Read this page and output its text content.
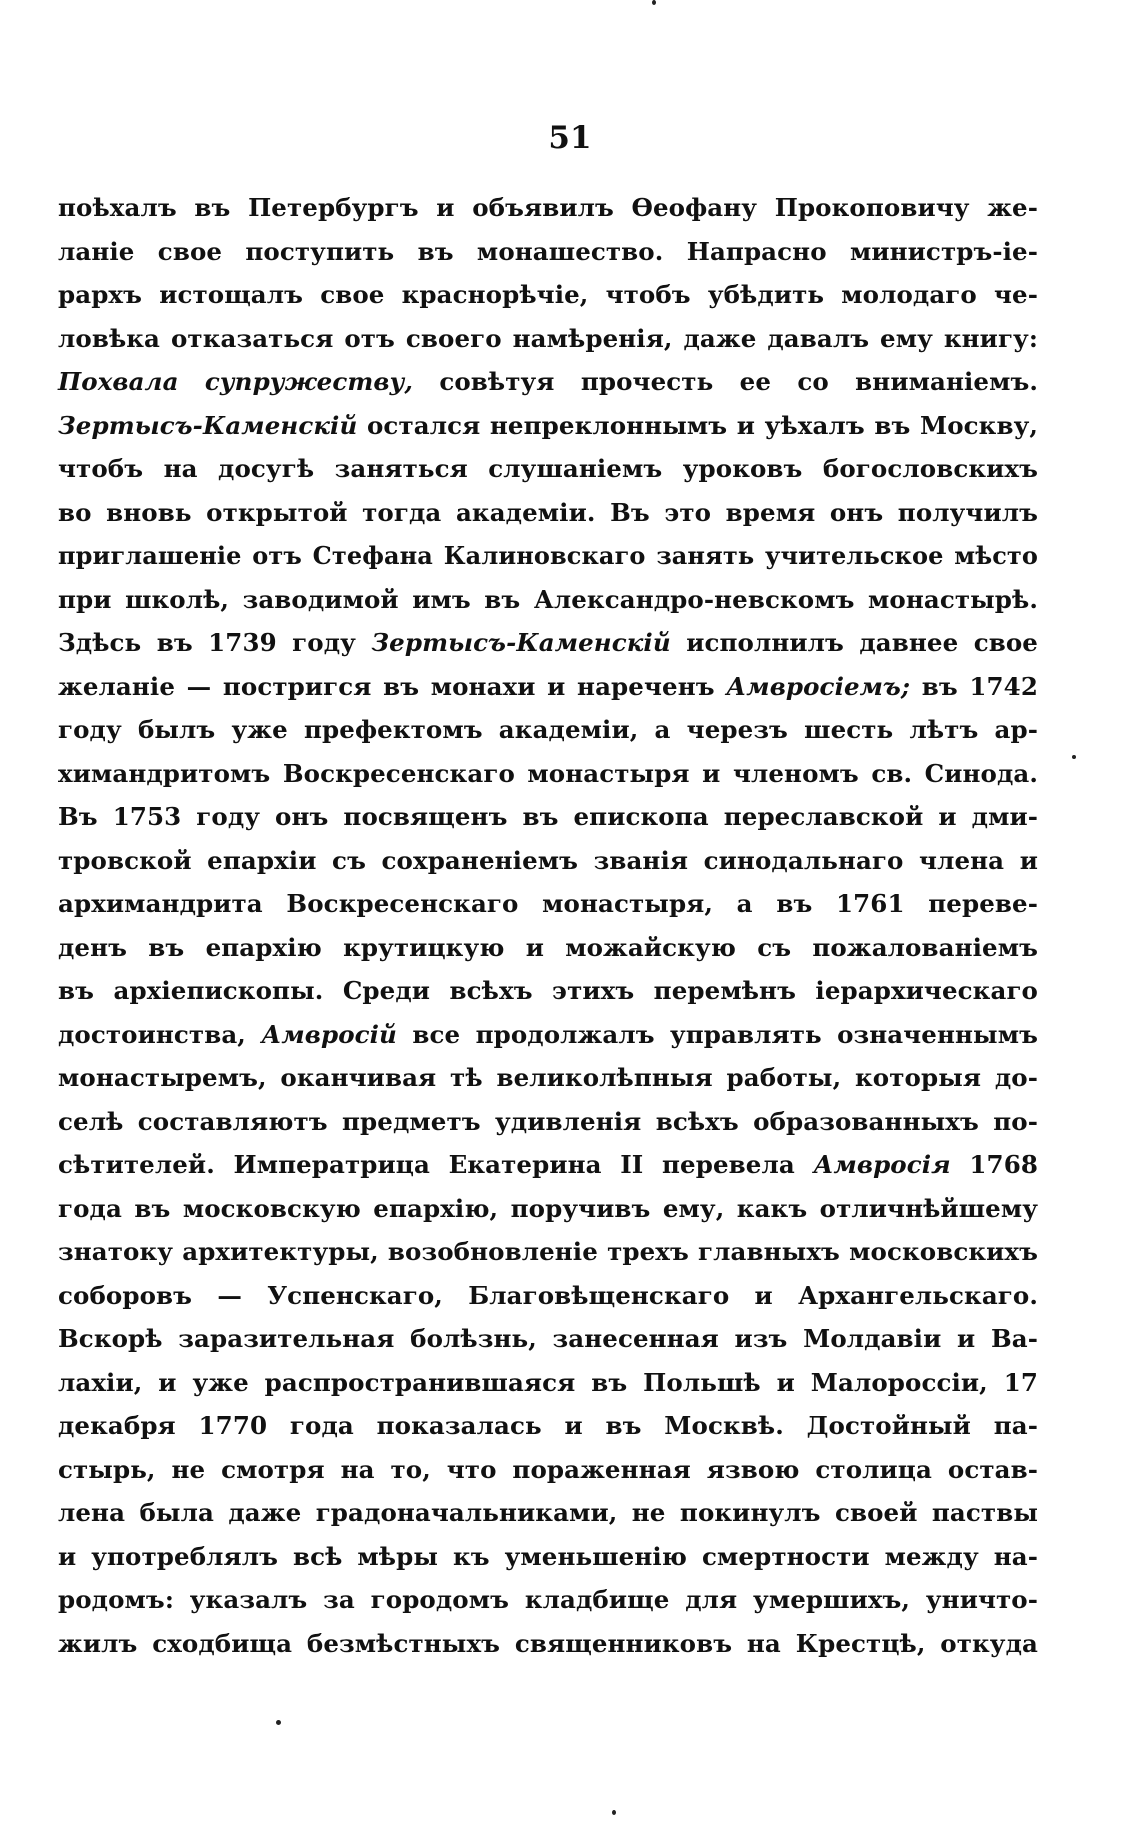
51
поѣхалъ въ Петербургъ и объявилъ Ѳеофану Прокоповичу же-
ланіе свое поступить въ монашество. Напрасно министръ-іе-
рархъ истощалъ свое краснорѣчіе, чтобъ убѣдить молодаго че-
ловѣка отказаться отъ своего намѣренія, даже давалъ ему книгу:
Похвала супружеству, совѣтуя прочесть ее со вниманіемъ.
Зертысъ-Каменскій остался непреклоннымъ и уѣхалъ въ Москву,
чтобъ на досугѣ заняться слушаніемъ уроковъ богословскихъ
во вновь открытой тогда академіи. Въ это время онъ получилъ
приглашеніе отъ Стефана Калиновскаго занять учительское мѣсто
при школѣ, заводимой имъ въ Александро-невскомъ монастырѣ.
Здѣсь въ 1739 году Зертысъ-Каменскій исполнилъ давнее свое
желаніе — постригся въ монахи и нареченъ Амвросіемъ; въ 1742
году былъ уже префектомъ академіи, а черезъ шесть лѣтъ ар-
химандритомъ Воскресенскаго монастыря и членомъ св. Синода.
Въ 1753 году онъ посвященъ въ епископа переславской и дми-
тровской епархіи съ сохраненіемъ званія синодальнаго члена и
архимандрита Воскресенскаго монастыря, а въ 1761 переве-
денъ въ епархію крутицкую и можайскую съ пожалованіемъ
въ архіепископы. Среди всѣхъ этихъ перемѣнъ іерархическаго
достоинства, Амвросій все продолжалъ управлять означеннымъ
монастыремъ, оканчивая тѣ великолѣпныя работы, которыя до-
селѣ составляютъ предметъ удивленія всѣхъ образованныхъ по-
сѣтителей. Императрица Екатерина II перевела Амвросія 1768
года въ московскую епархію, поручивъ ему, какъ отличнѣйшему
знатоку архитектуры, возобновленіе трехъ главныхъ московскихъ
соборовъ — Успенскаго, Благовѣщенскаго и Архангельскаго.
Вскорѣ заразительная болѣзнь, занесенная изъ Молдавіи и Ва-
лахіи, и уже распространившаяся въ Польшѣ и Малороссіи, 17
декабря 1770 года показалась и въ Москвѣ. Достойный па-
стырь, не смотря на то, что пораженная язвою столица остав-
лена была даже градоначальниками, не покинулъ своей паствы
и употреблялъ всѣ мѣры къ уменьшенію смертности между на-
родомъ: указалъ за городомъ кладбище для умершихъ, уничто-
жилъ сходбища безмѣстныхъ священниковъ на Крестцѣ, откуда
